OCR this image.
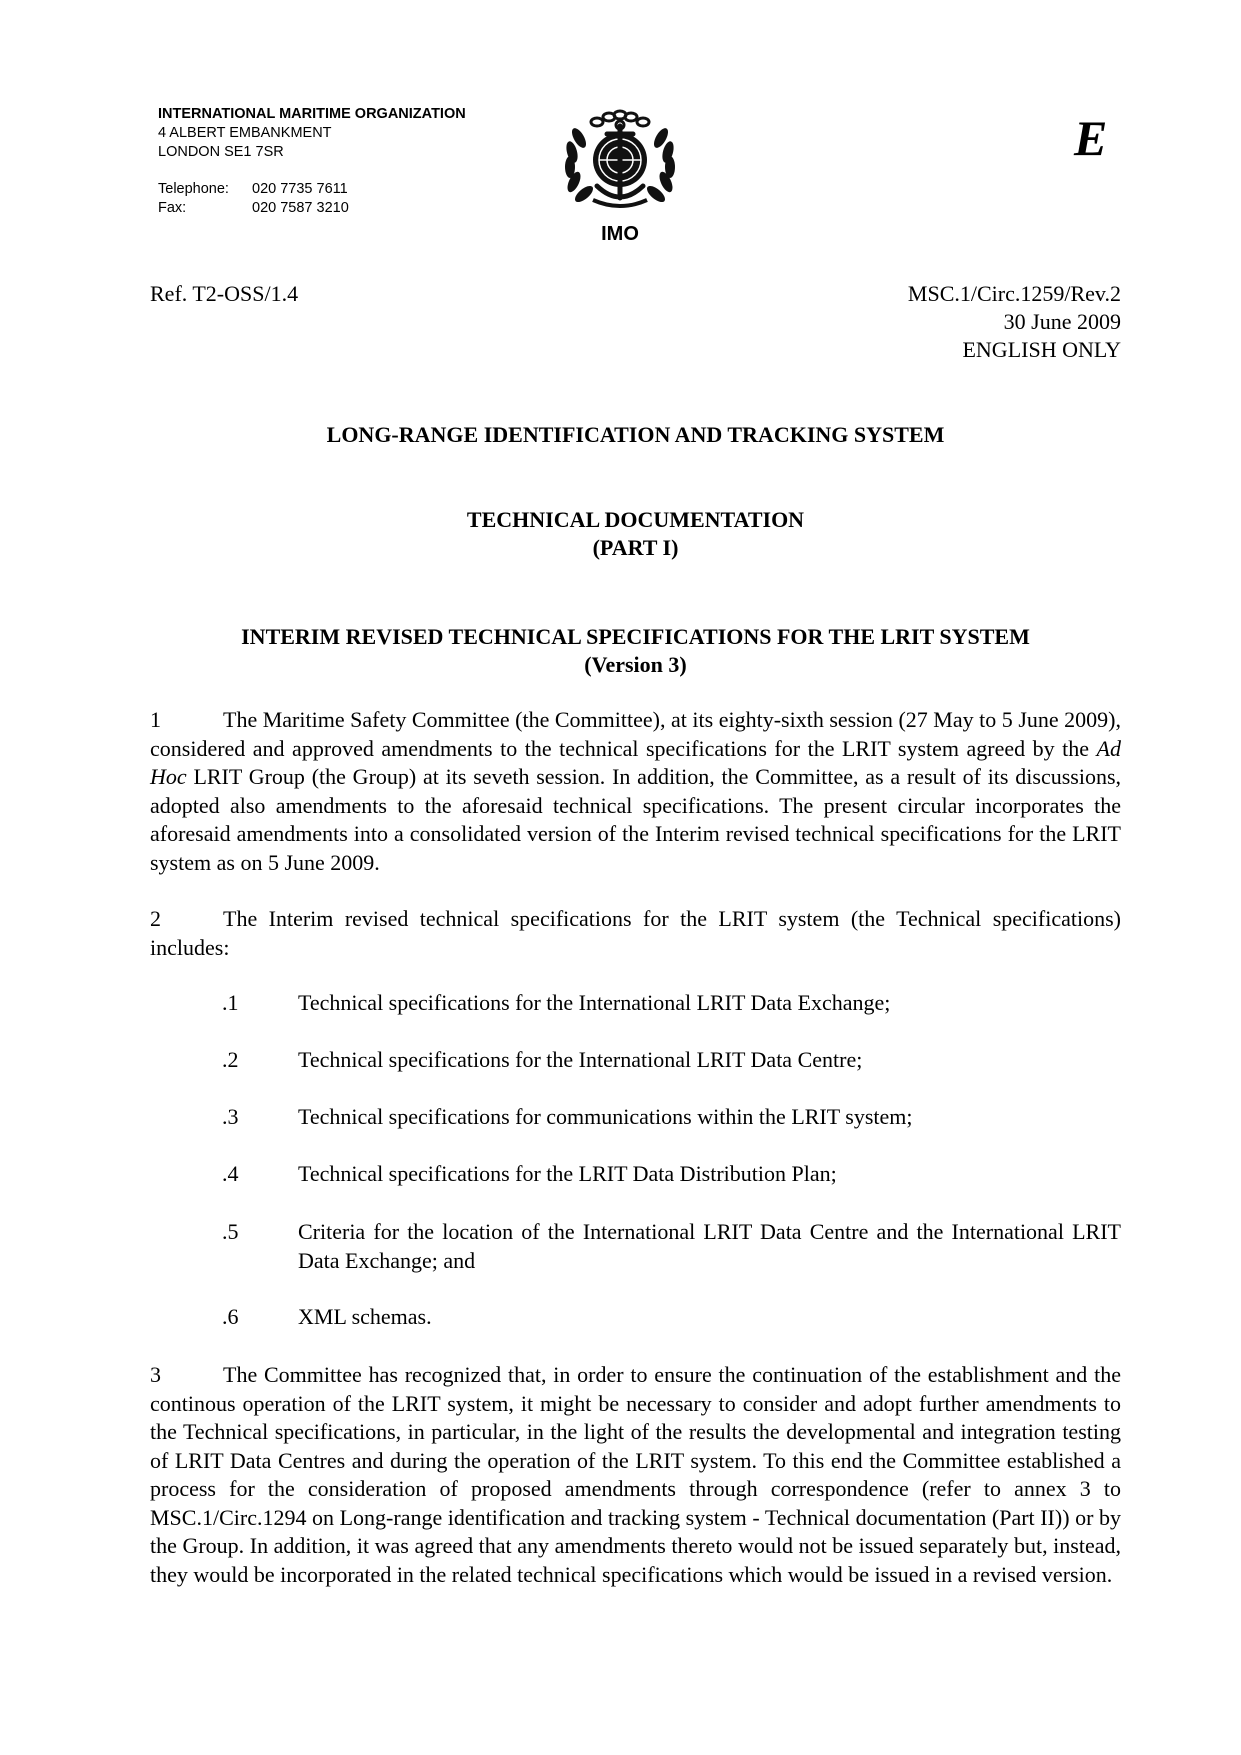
INTERNATIONAL MARITIME ORGANIZATION
4 ALBERT EMBANKMENT
LONDON SE1 7SR
Telephone:	020 7735 7611
Fax:	020 7587 3210
IMO
E
Ref. T2-OSS/1.4	MSC.1/Circ.1259/Rev.2
30 June 2009
ENGLISH ONLY
LONG-RANGE IDENTIFICATION AND TRACKING SYSTEM
TECHNICAL DOCUMENTATION
(PART I)
INTERIM REVISED TECHNICAL SPECIFICATIONS FOR THE LRIT SYSTEM
(Version 3)
1	The Maritime Safety Committee (the Committee), at its eighty-sixth session (27 May to 5 June 2009), considered and approved amendments to the technical specifications for the LRIT system agreed by the Ad Hoc LRIT Group (the Group) at its seveth session. In addition, the Committee, as a result of its discussions, adopted also amendments to the aforesaid technical specifications. The present circular incorporates the aforesaid amendments into a consolidated version of the Interim revised technical specifications for the LRIT system as on 5 June 2009.
2	The Interim revised technical specifications for the LRIT system (the Technical specifications) includes:
.1	Technical specifications for the International LRIT Data Exchange;
.2	Technical specifications for the International LRIT Data Centre;
.3	Technical specifications for communications within the LRIT system;
.4	Technical specifications for the LRIT Data Distribution Plan;
.5	Criteria for the location of the International LRIT Data Centre and the International LRIT Data Exchange; and
.6	XML schemas.
3	The Committee has recognized that, in order to ensure the continuation of the establishment and the continous operation of the LRIT system, it might be necessary to consider and adopt further amendments to the Technical specifications, in particular, in the light of the results the developmental and integration testing of LRIT Data Centres and during the operation of the LRIT system. To this end the Committee established a process for the consideration of proposed amendments through correspondence (refer to annex 3 to MSC.1/Circ.1294 on Long-range identification and tracking system - Technical documentation (Part II)) or by the Group. In addition, it was agreed that any amendments thereto would not be issued separately but, instead, they would be incorporated in the related technical specifications which would be issued in a revised version.
